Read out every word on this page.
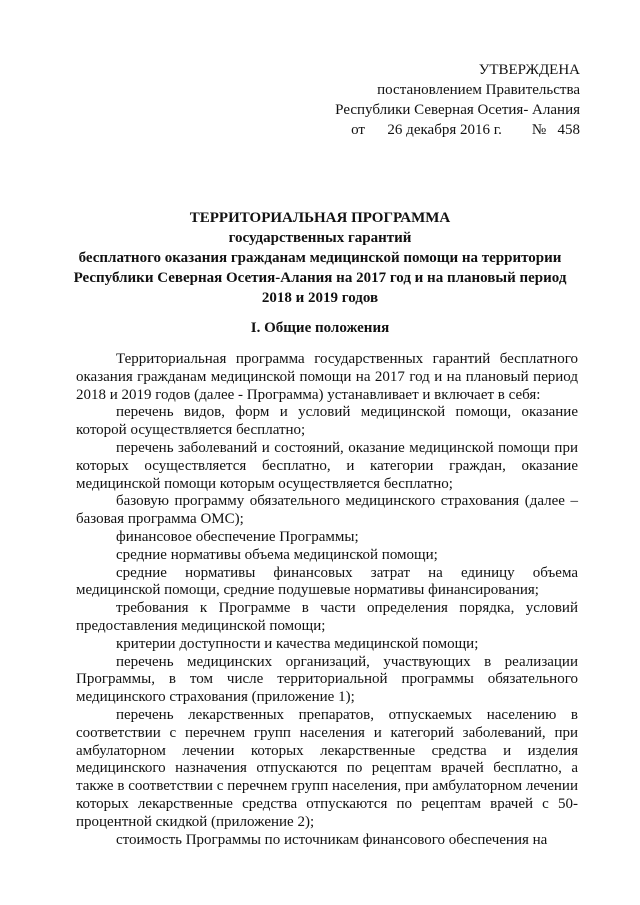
УТВЕРЖДЕНА
постановлением Правительства
Республики Северная Осетия- Алания
от      26 декабря 2016 г.        №   458
ТЕРРИТОРИАЛЬНАЯ ПРОГРАММА
государственных гарантий
бесплатного оказания гражданам медицинской помощи на территории
Республики Северная Осетия-Алания на 2017 год и на плановый период
2018 и 2019 годов
I. Общие положения

Территориальная программа государственных гарантий бесплатного оказания гражданам медицинской помощи на 2017 год и на плановый период 2018 и 2019 годов (далее - Программа) устанавливает и включает в себя:

перечень видов, форм и условий медицинской помощи, оказание которой осуществляется бесплатно;

перечень заболеваний и состояний, оказание медицинской помощи при которых осуществляется бесплатно, и категории граждан, оказание медицинской помощи которым осуществляется бесплатно;

базовую программу обязательного медицинского страхования (далее – базовая программа ОМС);

финансовое обеспечение Программы;

средние нормативы объема медицинской помощи;

средние нормативы финансовых затрат на единицу объема медицинской помощи, средние подушевые нормативы финансирования;

требования к Программе в части определения порядка, условий предоставления медицинской помощи;

критерии доступности и качества медицинской помощи;

перечень медицинских организаций, участвующих в реализации Программы, в том числе территориальной программы обязательного медицинского страхования (приложение 1);

перечень лекарственных препаратов, отпускаемых населению в соответствии с перечнем групп населения и категорий заболеваний, при амбулаторном лечении которых лекарственные средства и изделия медицинского назначения отпускаются по рецептам врачей бесплатно, а также в соответствии с перечнем групп населения, при амбулаторном лечении которых лекарственные средства отпускаются по рецептам врачей с 50-процентной скидкой (приложение 2);

стоимость Программы по источникам финансового обеспечения на
